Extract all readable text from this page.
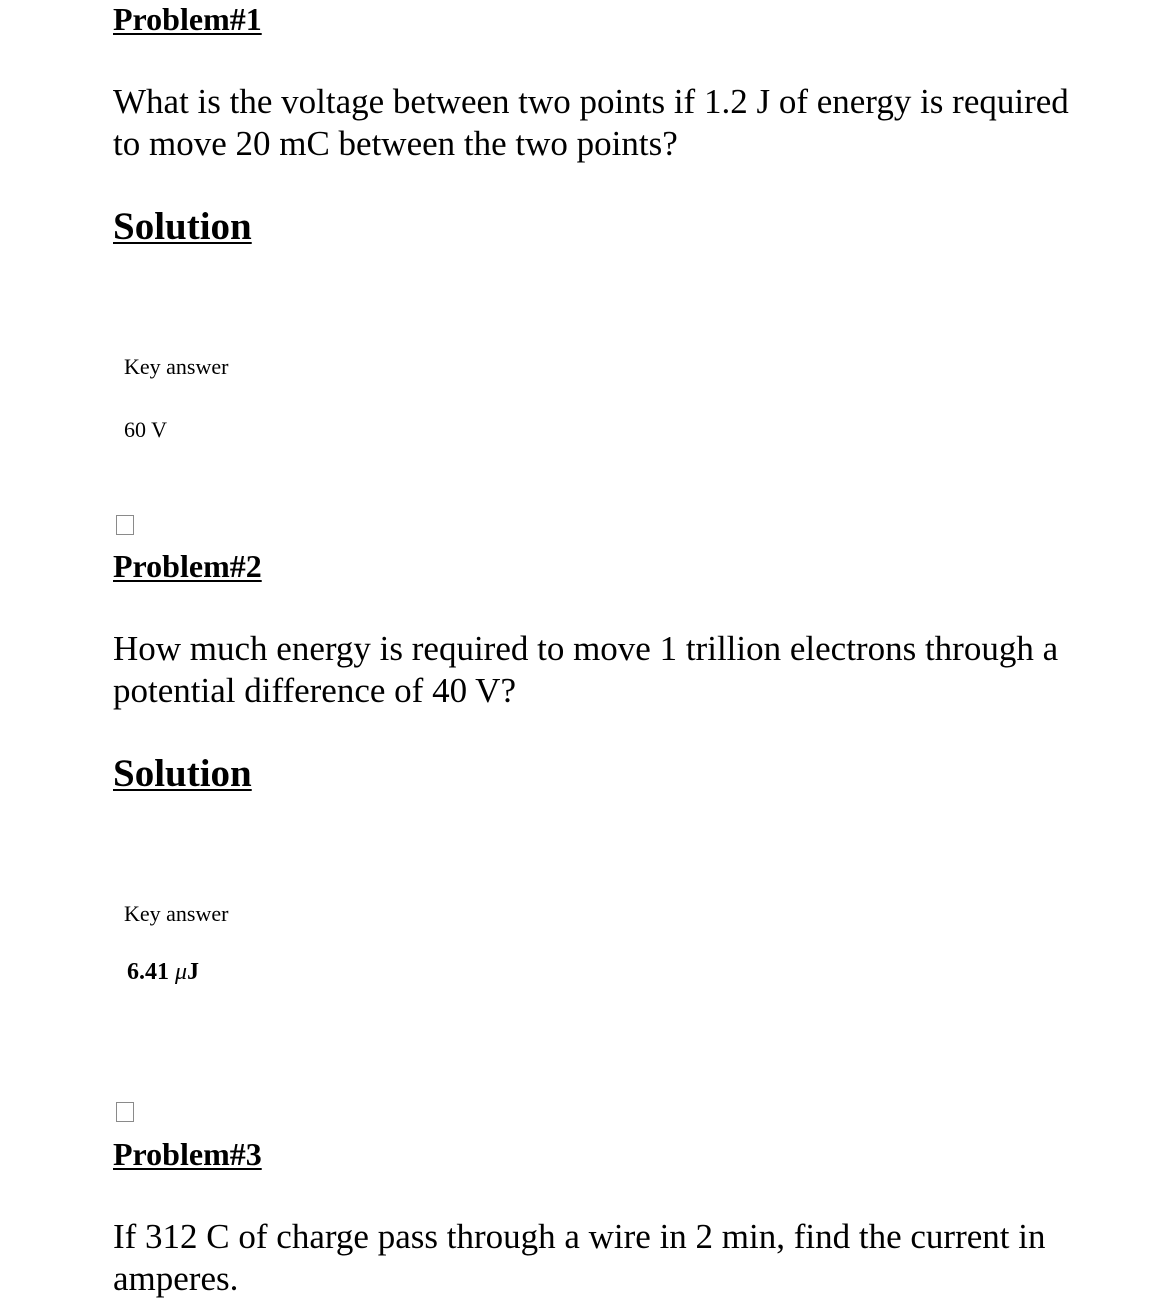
Problem#1
What is the voltage between two points if 1.2 J of energy is required to move 20 mC between the two points?
Solution
Key answer
60 V
Problem#2
How much energy is required to move 1 trillion electrons through a potential difference of 40 V?
Solution
Key answer
6.41 μJ
Problem#3
If 312 C of charge pass through a wire in 2 min, find the current in amperes.
